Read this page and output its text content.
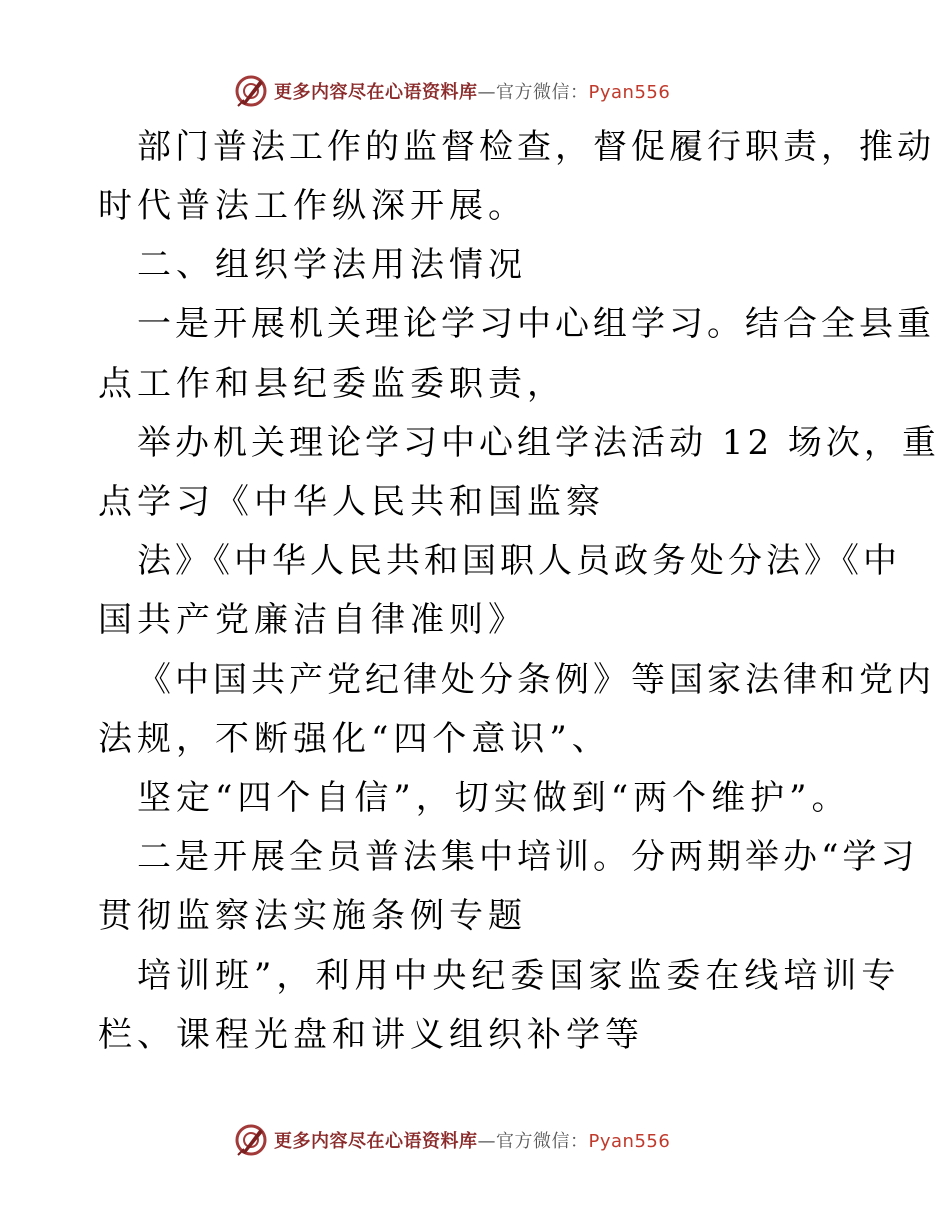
更多内容尽在心语资料库—官方微信：Pyan556
部门普法工作的监督检查，督促履行职责，推动
时代普法工作纵深开展。
二、组织学法用法情况
一是开展机关理论学习中心组学习。结合全县重
点工作和县纪委监委职责，
举办机关理论学习中心组学法活动 12 场次，重
点学习《中华人民共和国监察
法》《中华人民共和国职人员政务处分法》《中
国共产党廉洁自律准则》
《中国共产党纪律处分条例》等国家法律和党内
法规，不断强化“四个意识”、
坚定“四个自信”，切实做到“两个维护”。
二是开展全员普法集中培训。分两期举办“学习
贯彻监察法实施条例专题
培训班”，利用中央纪委国家监委在线培训专
栏、课程光盘和讲义组织补学等
更多内容尽在心语资料库—官方微信：Pyan556
